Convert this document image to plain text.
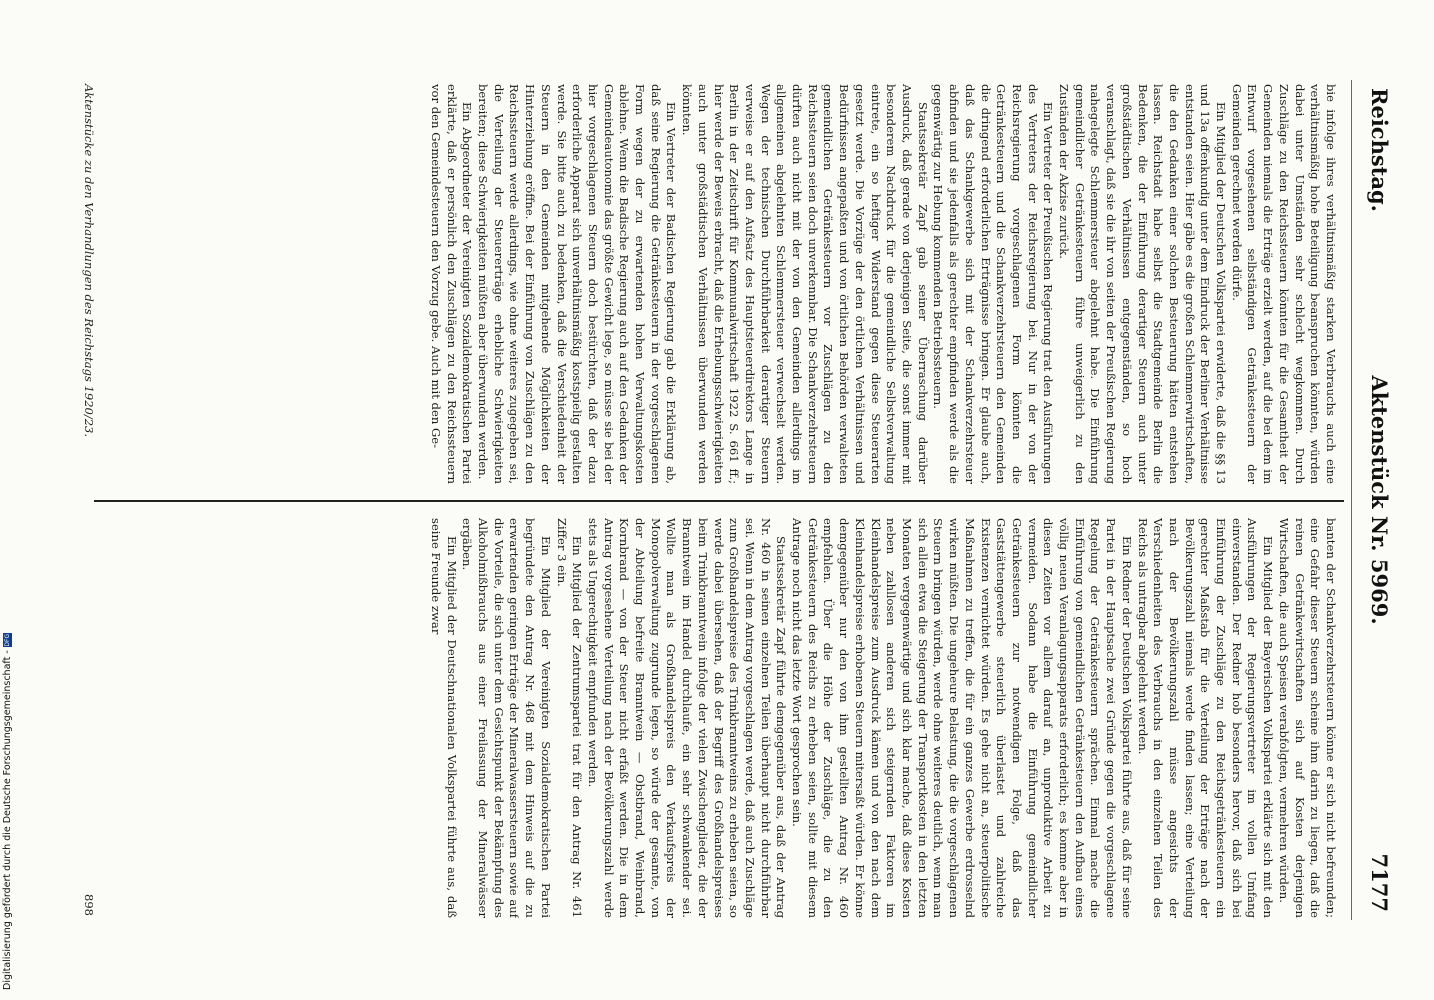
Reichstag.
Aktenstück Nr. 5969.
7177

bie infolge ihres verhältnismäßig starken Verbrauchs auch eine verhältnismäßig hohe Beteiligung beanspruchen könnten, würden dabei unter Umständen sehr schlecht wegkommen. Durch Zuschläge zu den Reichssteuern könnten für die Gesamtheit der Gemeinden niemals die Erträge erzielt werden, auf die bei dem im Entwurf vorgesehenen selbständigen Getränkesteuern der Gemeinden gerechnet werden dürfe.

Ein Mitglied der Deutschen Volkspartei erwiderte, daß die §§ 13 und 13a offenkundig unter dem Eindruck der Berliner Verhältnisse entstanden seien. Hier gäbe es die großen Schlemmerwirtschaften, die den Gedanken einer solchen Besteuerung hätten entstehen lassen. Reichstadt habe selbst die Stadtgemeinde Berlin die Bedenken, die der Einführung derartiger Steuern auch unter großstädtischen Verhältnissen entgegenständen, so hoch veranschlagt, daß sie die ihr von seiten der Preußischen Regierung nahegelegte Schlemmersteuer abgelehnt habe. Die Einführung gemeindlicher Getränkesteuern führe unweigerlich zu den Zuständen der Akzise zurück.

Ein Vertreter der Preußischen Regierung trat den Ausführungen des Vertreters der Reichsregierung bei. Nur in der von der Reichsregierung vorgeschlagenen Form könnten die Getränkesteuern und die Schankverzehrsteuern den Gemeinden die dringend erforderlichen Erträgnisse bringen. Er glaube auch, daß das Schankgewerbe sich mit der Schankverzehrsteuer abfinden und sie jedenfalls als gerechter empfinden werde als die gegenwärtig zur Hebung kommenden Betriebssteuern.

Staatssekretär Zapf gab seiner Überraschung darüber Ausdruck, daß gerade von derjenigen Seite, die sonst immer mit besonderem Nachdruck für die gemeindliche Selbstverwaltung eintrete, ein so heftiger Widerstand gegen diese Steuerarten gesetzt werde. Die Vorzüge der den örtlichen Verhältnissen und Bedürfnissen angepaßten und von örtlichen Behörden verwalteten gemeindlichen Getränkesteuern vor Zuschlägen zu den Reichssteuern seien doch unverkennbar. Die Schankverzehrsteuern dürften auch nicht mit der von den Gemeinden allerdings im allgemeinen abgelehnten Schlemmersteuer verwechselt werden. Wegen der technischen Durchführbarkeit derartiger Steuern verweise er auf den Aufsatz des Hauptsteuerdirektors Lange in Berlin in der Zeitschrift für Kommunalwirtschaft 1922 S. 661 ff.; hier werde der Beweis erbracht, daß die Erhebungsschwierigkeiten auch unter großstädtischen Verhältnissen überwunden werden könnten.

Ein Vertreter der Badischen Regierung gab die Erklärung ab, daß seine Regierung die Getränkesteuern in der vorgeschlagenen Form wegen der zu erwartenden hohen Verwaltungskosten ablehne. Wenn die Badische Regierung auch auf den Gedanken der Gemeindeautonomie das größte Gewicht lege, so müsse sie bei der hier vorgeschlagenen Steuern doch bestürchten, daß der dazu erforderliche Apparat sich unverhältnismäßig kostspielig gestalten werde. Sie bitte auch zu bedenken, daß die Verschiedenheit der Steuern in den Gemeinden mitgehende Möglichkeiten der Hinterziehung eröffne. Bei der Einführung von Zuschlägen zu den Reichssteuern werde allerdings, wie ohne weiteres zugegeben sei, die Verteilung der Steuererträge erhebliche Schwierigkeiten bereiten; diese Schwierigkeiten müßten aber überwunden werden.

Ein Abgeordneter der Vereinigten Sozialdemokratischen Partei erklärte, daß er persönlich den Zuschlägen zu den Reichssteuern vor den Gemeindesteuern den Vorzug gebe. Auch mit den Ge-

banten der Schankverzehrsteuern könne er sich nicht befreunden; eine Gefahr dieser Steuern scheine ihm darin zu liegen, daß die reinen Getränkewirtschaften sich auf Kosten derjenigen Wirtschaften, die auch Speisen verabfolgten, vermehren würden.

Ein Mitglied der Bayerischen Volkspartei erklärte sich mit den Ausführungen der Regierungsvertreter im vollen Umfang einverstanden. Der Redner hob besonders hervor, daß sich bei Einführung der Zuschläge zu den Reichsgetränkesteuern ein gerechter Maßstab für die Verteilung der Erträge nach der Bevölkerungszahl niemals werde finden lassen; eine Verteilung nach der Bevölkerungszahl müsse angesichts der Verschiedenheiten des Verbrauchs in den einzelnen Teilen des Reichs als untragbar abgelehnt werden.

Ein Redner der Deutschen Volkspartei führte aus, daß für seine Partei in der Hauptsache zwei Gründe gegen die vorgeschlagene Regelung der Getränkesteuern sprächen. Einmal mache die Einführung von gemeindlichen Getränkesteuern den Aufbau eines völlig neuen Veranlagungsapparats erforderlich; es komme aber in diesen Zeiten vor allem darauf an, unproduktive Arbeit zu vermeiden. Sodann habe die Einführung gemeindlicher Getränkesteuern zur notwendigen Folge, daß das Gaststättengewerbe steuerlich überlastet und zahlreiche Existenzen vernichtet würden. Es gehe nicht an, steuerpolitische Maßnahmen zu treffen, die für ein ganzes Gewerbe erdrosselnd wirken müßten. Die ungeheure Belastung, die die vorgeschlagenen Steuern bringen würden, werde ohne weiteres deutlich, wenn man sich allein etwa die Steigerung der Transportkosten in den letzten Monaten vergegenwärtige und sich klar mache, daß diese Kosten neben zahllosen anderen sich steigernden Faktoren im Kleinhandelspreise zum Ausdruck kämen und von den nach dem Kleinhandelspreise erhobenen Steuern mitersaßt würden. Er könne demgegenüber nur den von ihm gestellten Antrag Nr. 460 empfehlen. Über die Höhe der Zuschläge, die zu den Getränkesteuern des Reichs zu erheben seien, sollte mit diesem Antrage noch nicht das letzte Wort gesprochen sein.

Staatssekretär Zapf führte demgegenüber aus, daß der Antrag Nr. 460 in seinen einzelnen Teilen überhaupt nicht durchführbar sei. Wenn in dem Antrag vorgeschlagen werde, daß auch Zuschläge zum Großhandelspreise des Trinkbranntweins zu erheben seien, so werde dabei übersehen, daß der Begriff des Großhandelspreises beim Trinkbranntwein infolge der vielen Zwischenglieder, die der Branntwein im Handel durchlaufe, ein sehr schwankender sei. Wollte man als Großhandelspreis den Verkaufspreis der Monopolverwaltung zugrunde legen, so würde der gesamte, von der Abteilung befreite Branntwein — Obstbrand, Weinbrand, Kornbrand — von der Steuer nicht erfaßt werden. Die in dem Antrag vorgesehene Verteilung nach der Bevölkerungszahl werde stets als Ungerechtigkeit empfunden werden.

Ein Mitglied der Zentrumspartei trat für den Antrag Nr. 461 Ziffer 3 ein.

Ein Mitglied der Vereinigten Sozialdemokratischen Partei begründete den Antrag Nr. 468 mit dem Hinweis auf die zu erwartenden geringen Erträge der Mineralwassersteuern sowie auf die Vorteile, die sich unter dem Gesichtspunkt der Bekämpfung des Alkoholmißbrauchs aus einer Freilassung der Mineralwässer ergäben.

Ein Mitglied der Deutschnationalen Volkspartei führte aus, daß seine Freunde zwar

Aktenstücke zu den Verhandlungen des Reichstags 1920/23.
898
Digitalisierung gefördert durch die Deutsche Forschungsgemeinschaft -DFG
